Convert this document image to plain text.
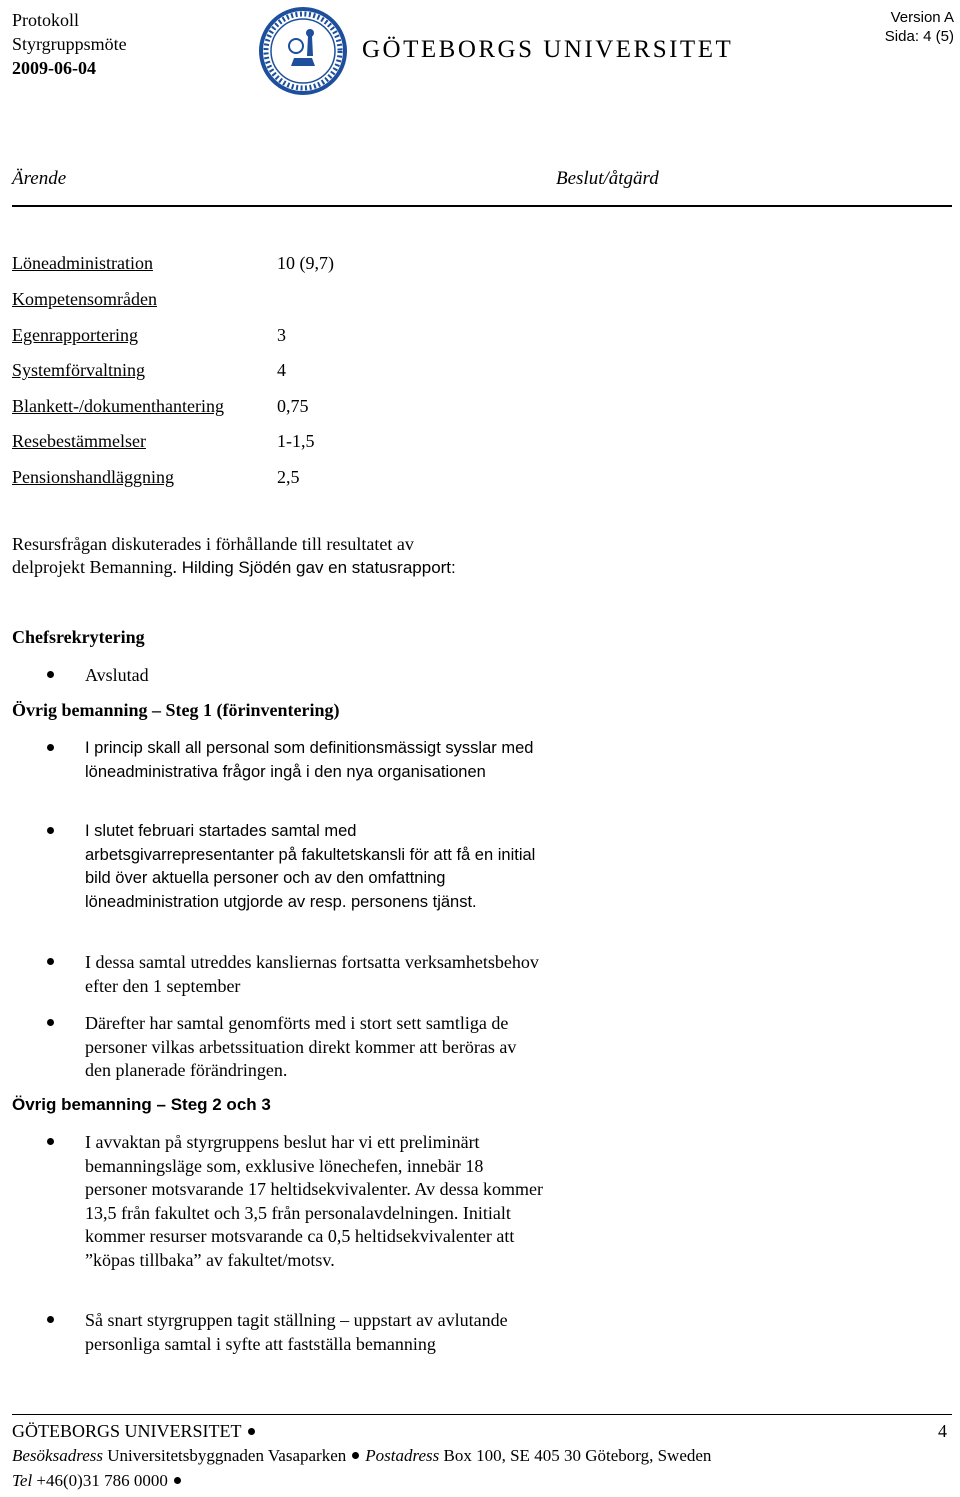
Protokoll
Styrgruppsmöte
2009-06-04
GÖTEBORGS UNIVERSITET
Version A
Sida: 4 (5)
Ärende	Beslut/åtgärd
Löneadministration	10 (9,7)
Kompetensområden
Egenrapportering	3
Systemförvaltning	4
Blankett-/dokumenthantering	0,75
Resebestämmelser	1-1,5
Pensionshandläggning	2,5
Resursfrågan diskuterades i förhållande till resultatet av
delprojekt Bemanning. Hilding Sjödén gav en statusrapport:
Chefsrekrytering
Avslutad
Övrig bemanning – Steg 1 (förinventering)
I princip skall all personal som definitionsmässigt sysslar med löneadministrativa frågor ingå i den nya organisationen
I slutet februari startades samtal med arbetsgivarrepresentanter på fakultetskansli för att få en initial bild över aktuella personer och av den omfattning löneadministration utgjorde av resp. personens tjänst.
I dessa samtal utreddes kansliernas fortsatta verksamhetsbehov efter den 1 september
Därefter har samtal genomförts med i stort sett samtliga de personer vilkas arbetssituation direkt kommer att beröras av den planerade förändringen.
Övrig bemanning – Steg 2 och 3
I avvaktan på styrgruppens beslut har vi ett preliminärt bemanningsläge som, exklusive lönechefen, innebär 18 personer motsvarande 17 heltidsekvivalenter. Av dessa kommer 13,5 från fakultet och 3,5 från personalavdelningen. Initialt kommer resurser motsvarande ca 0,5 heltidsekvivalenter att ”köpas tillbaka” av fakultet/motsv.
Så snart styrgruppen tagit ställning – uppstart av avlutande personliga samtal i syfte att fastställa bemanning
GÖTEBORGS UNIVERSITET	4
Besöksadress Universitetsbyggnaden Vasaparken Postadress Box 100, SE 405 30 Göteborg, Sweden
Tel +46(0)31 786 0000
